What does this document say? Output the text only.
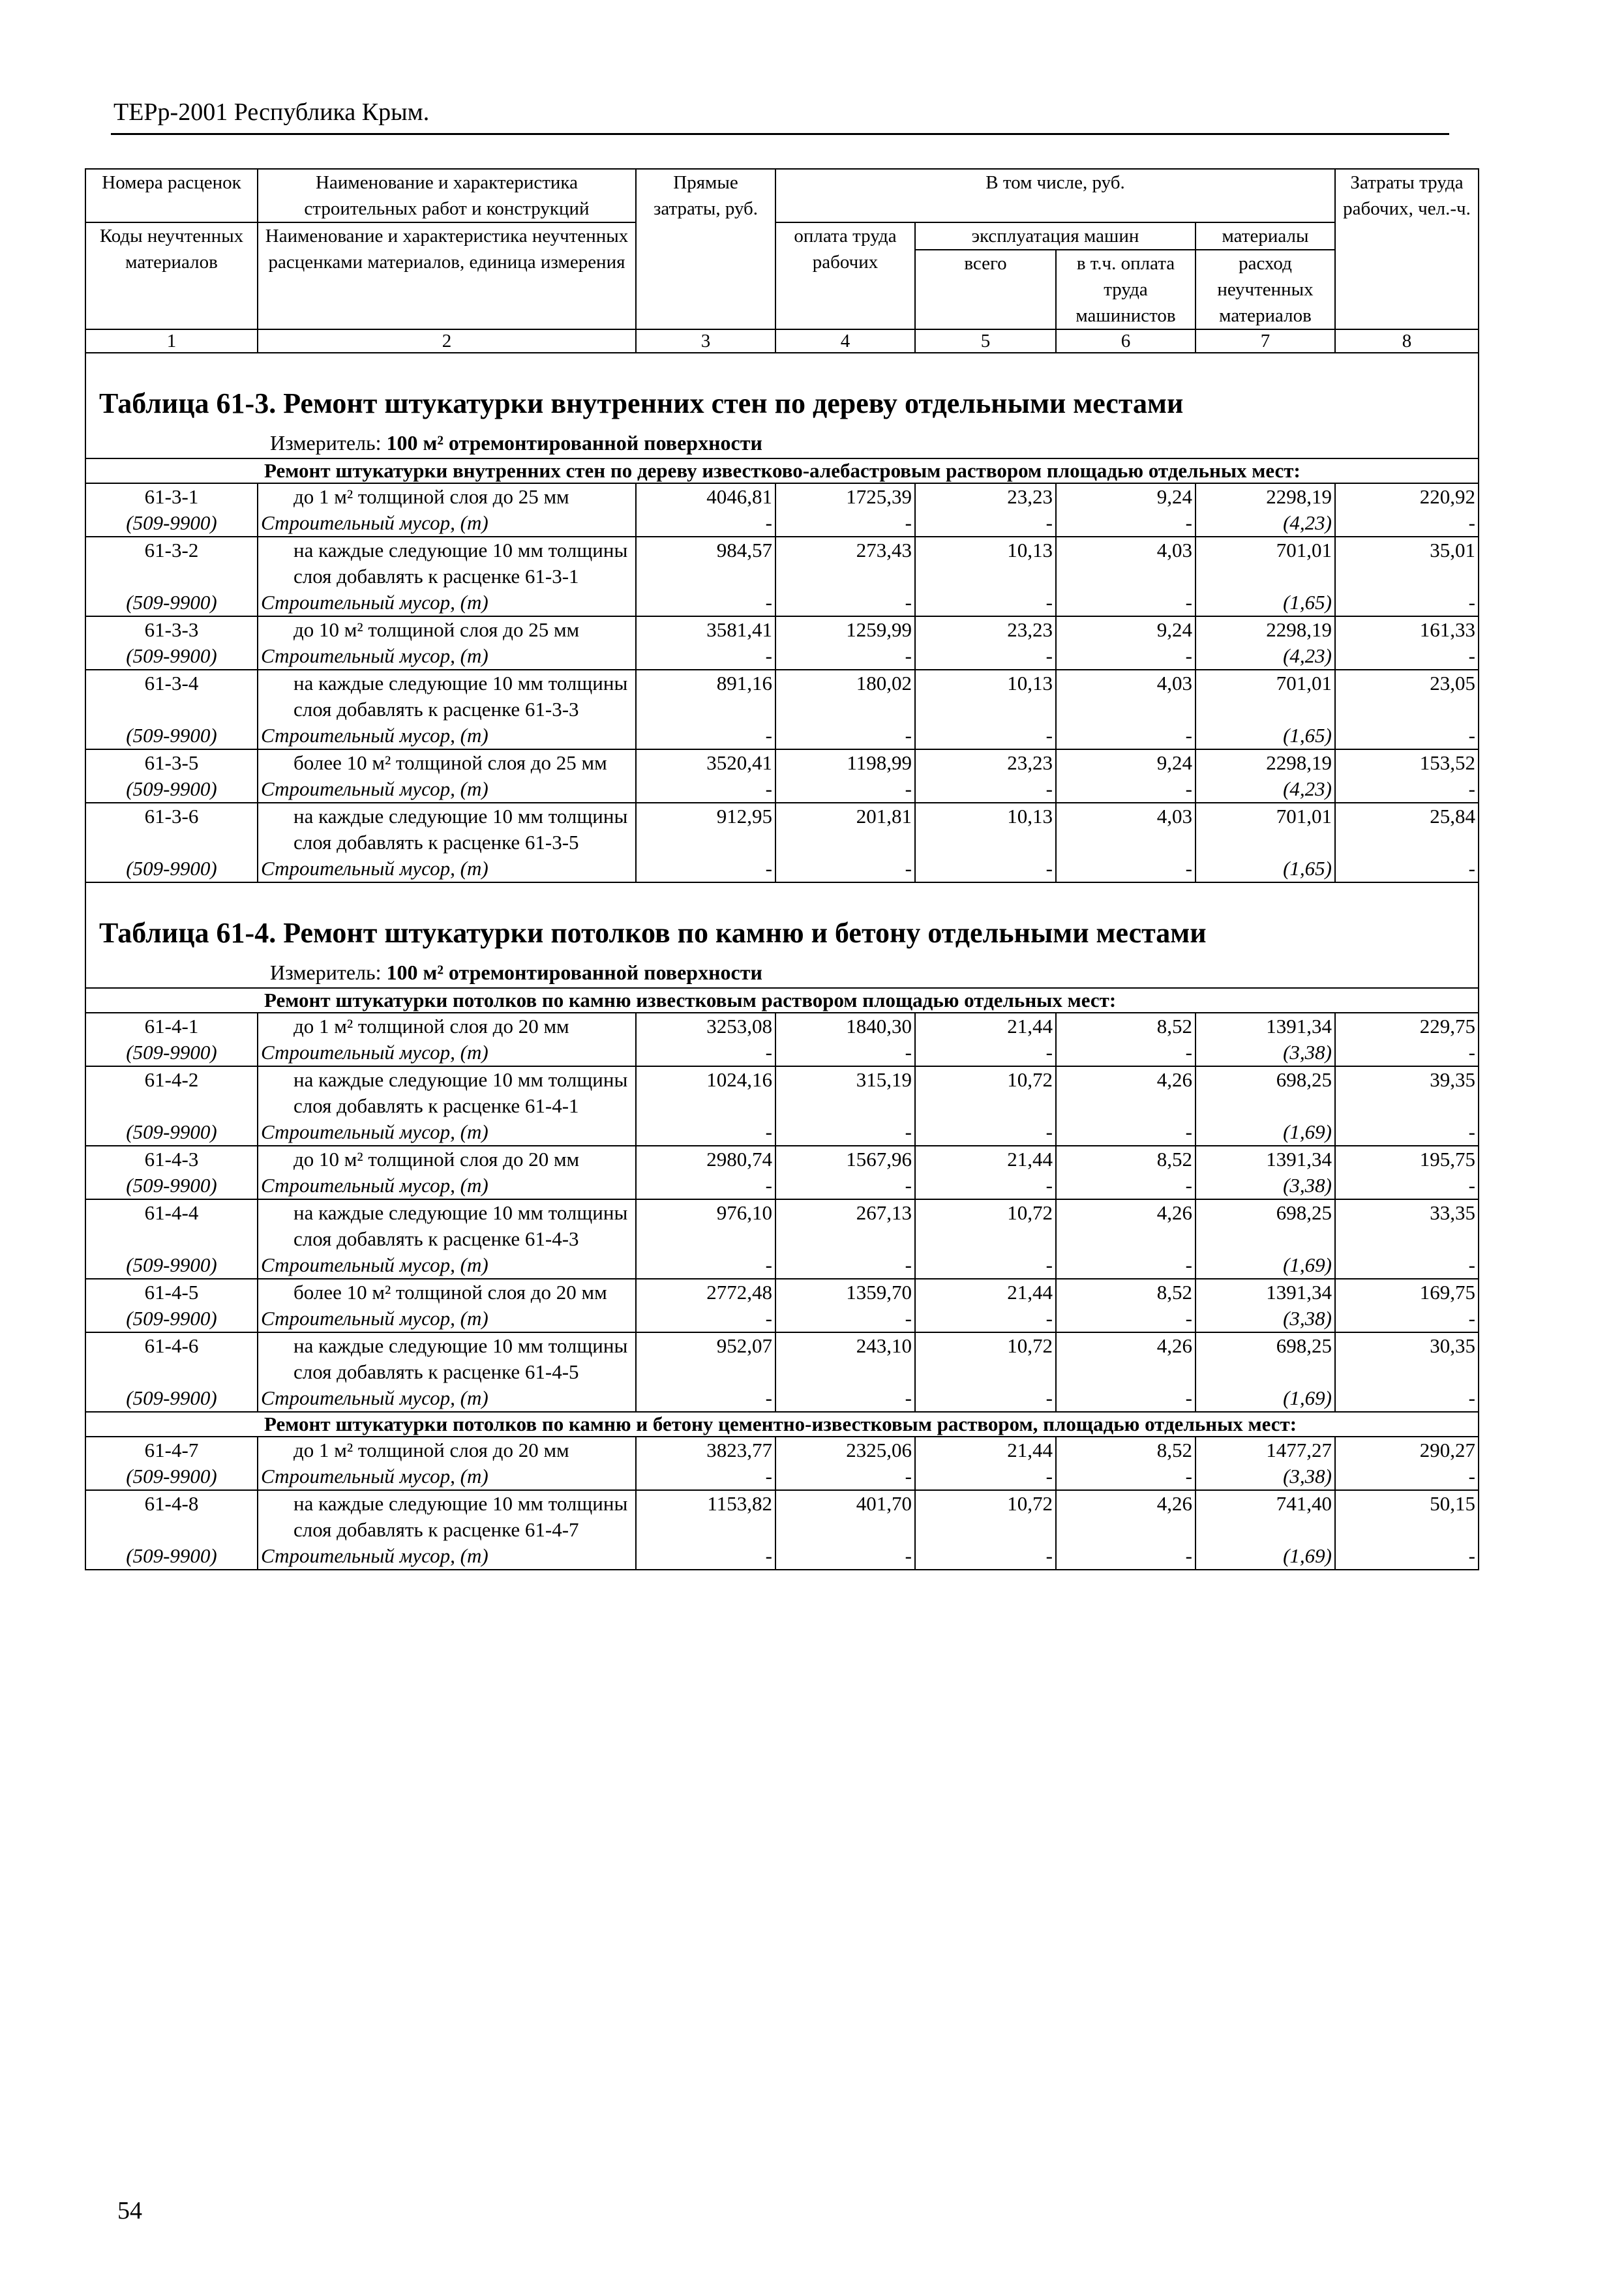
ТЕРр-2001 Республика Крым.
Номера расценок	Наименование и характеристика строительных работ и конструкций	Прямые затраты, руб.	В том числе, руб.				Затраты труда рабочих, чел.-ч.
Коды неучтенных материалов	Наименование и характеристика неучтенных расценками материалов, единица измерения		оплата труда рабочих	эксплуатация машин		материалы	
				всего	в т.ч. оплата труда машинистов	расход неучтенных материалов	
1	2	3	4	5	6	7	8
Таблица 61-3. Ремонт штукатурки внутренних стен по дереву отдельными местами							
Измеритель: 100 м² отремонтированной поверхности							
	Ремонт штукатурки внутренних стен по дереву известково-алебастровым раствором площадью отдельных мест:						
61-3-1	до 1 м² толщиной слоя до 25 мм	4046,81	1725,39	23,23	9,24	2298,19	220,92
(509-9900)	Строительный мусор, (т)	-	-	-	-	(4,23)	-
61-3-2	на каждые следующие 10 мм толщины слоя добавлять к расценке 61-3-1	984,57	273,43	10,13	4,03	701,01	35,01
(509-9900)	Строительный мусор, (т)	-	-	-	-	(1,65)	-
61-3-3	до 10 м² толщиной слоя до 25 мм	3581,41	1259,99	23,23	9,24	2298,19	161,33
(509-9900)	Строительный мусор, (т)	-	-	-	-	(4,23)	-
61-3-4	на каждые следующие 10 мм толщины слоя добавлять к расценке 61-3-3	891,16	180,02	10,13	4,03	701,01	23,05
(509-9900)	Строительный мусор, (т)	-	-	-	-	(1,65)	-
61-3-5	более 10 м² толщиной слоя до 25 мм	3520,41	1198,99	23,23	9,24	2298,19	153,52
(509-9900)	Строительный мусор, (т)	-	-	-	-	(4,23)	-
61-3-6	на каждые следующие 10 мм толщины слоя добавлять к расценке 61-3-5	912,95	201,81	10,13	4,03	701,01	25,84
(509-9900)	Строительный мусор, (т)	-	-	-	-	(1,65)	-
Таблица 61-4. Ремонт штукатурки потолков по камню и бетону отдельными местами							
Измеритель: 100 м² отремонтированной поверхности							
	Ремонт штукатурки потолков по камню известковым раствором площадью отдельных мест:						
61-4-1	до 1 м² толщиной слоя до 20 мм	3253,08	1840,30	21,44	8,52	1391,34	229,75
(509-9900)	Строительный мусор, (т)	-	-	-	-	(3,38)	-
61-4-2	на каждые следующие 10 мм толщины слоя добавлять к расценке 61-4-1	1024,16	315,19	10,72	4,26	698,25	39,35
(509-9900)	Строительный мусор, (т)	-	-	-	-	(1,69)	-
61-4-3	до 10 м² толщиной слоя до 20 мм	2980,74	1567,96	21,44	8,52	1391,34	195,75
(509-9900)	Строительный мусор, (т)	-	-	-	-	(3,38)	-
61-4-4	на каждые следующие 10 мм толщины слоя добавлять к расценке 61-4-3	976,10	267,13	10,72	4,26	698,25	33,35
(509-9900)	Строительный мусор, (т)	-	-	-	-	(1,69)	-
61-4-5	более 10 м² толщиной слоя до 20 мм	2772,48	1359,70	21,44	8,52	1391,34	169,75
(509-9900)	Строительный мусор, (т)	-	-	-	-	(3,38)	-
61-4-6	на каждые следующие 10 мм толщины слоя добавлять к расценке 61-4-5	952,07	243,10	10,72	4,26	698,25	30,35
(509-9900)	Строительный мусор, (т)	-	-	-	-	(1,69)	-
	Ремонт штукатурки потолков по камню и бетону цементно-известковым раствором, площадью отдельных мест:						
61-4-7	до 1 м² толщиной слоя до 20 мм	3823,77	2325,06	21,44	8,52	1477,27	290,27
(509-9900)	Строительный мусор, (т)	-	-	-	-	(3,38)	-
61-4-8	на каждые следующие 10 мм толщины слоя добавлять к расценке 61-4-7	1153,82	401,70	10,72	4,26	741,40	50,15
(509-9900)	Строительный мусор, (т)	-	-	-	-	(1,69)	-
54
